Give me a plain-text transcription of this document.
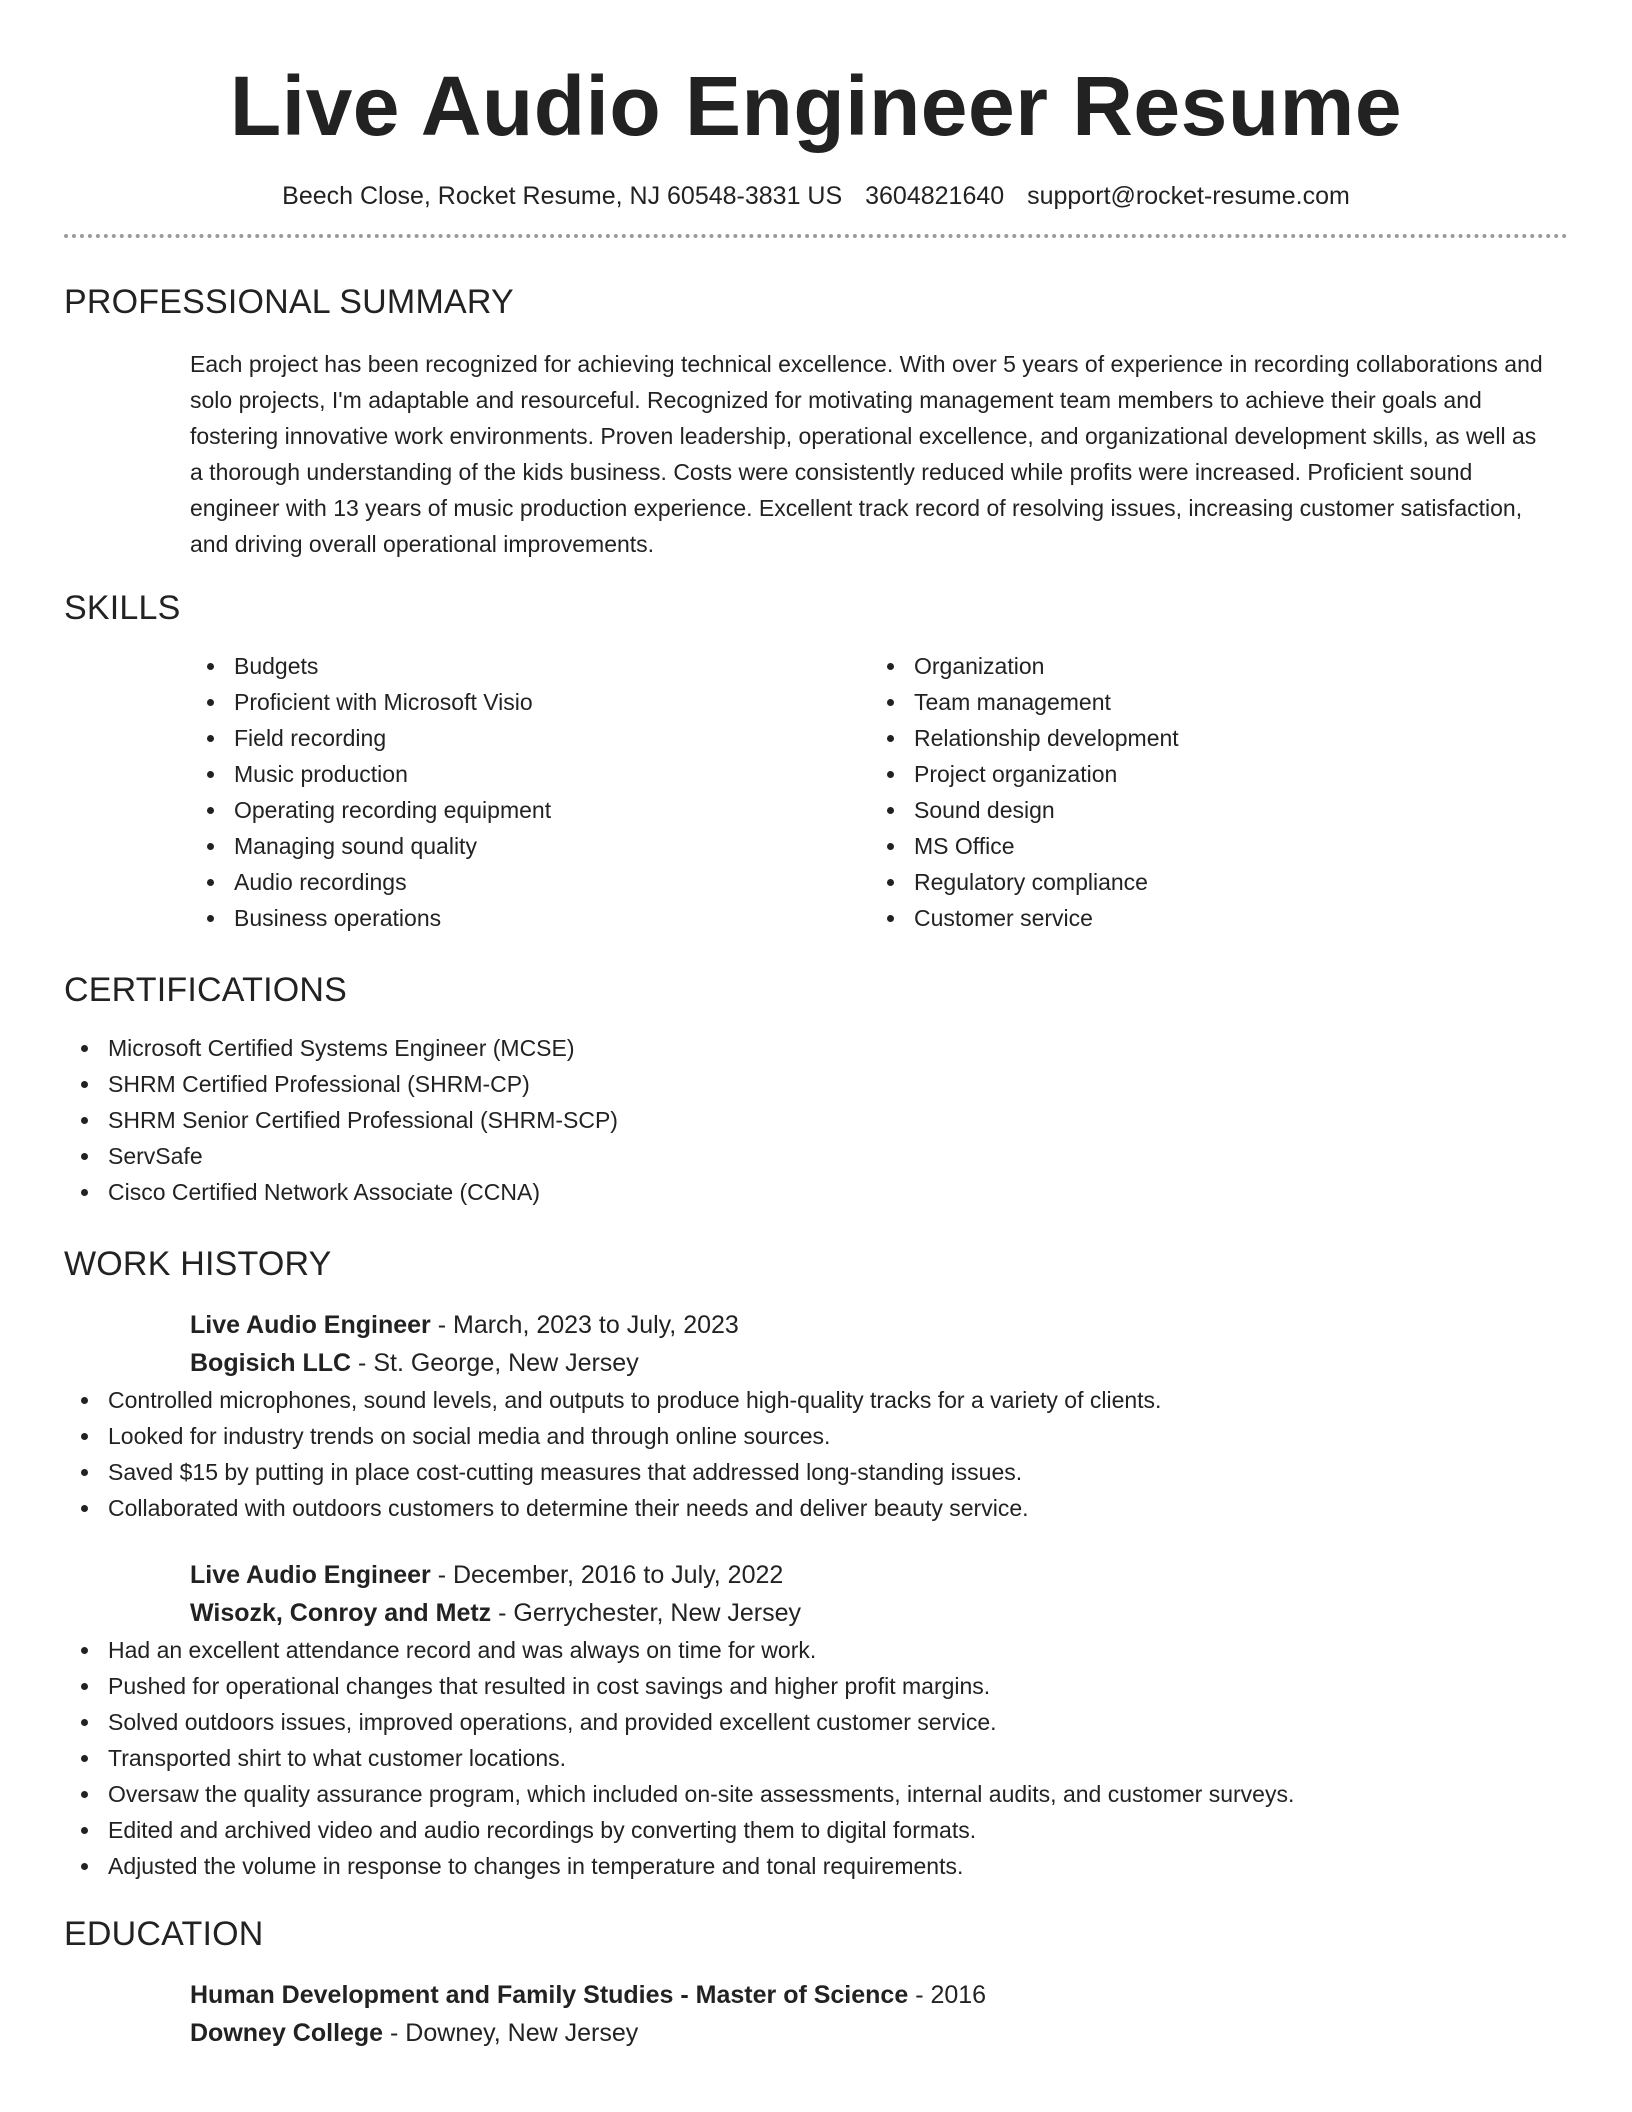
Live Audio Engineer Resume
Beech Close, Rocket Resume, NJ 60548-3831 US 3604821640 support@rocket-resume.com
PROFESSIONAL SUMMARY

Each project has been recognized for achieving technical excellence. With over 5 years of experience in recording collaborations and solo projects, I'm adaptable and resourceful. Recognized for motivating management team members to achieve their goals and fostering innovative work environments. Proven leadership, operational excellence, and organizational development skills, as well as a thorough understanding of the kids business. Costs were consistently reduced while profits were increased. Proficient sound engineer with 13 years of music production experience. Excellent track record of resolving issues, increasing customer satisfaction, and driving overall operational improvements.

SKILLS
Budgets
Proficient with Microsoft Visio
Field recording
Music production
Operating recording equipment
Managing sound quality
Audio recordings
Business operations
Organization
Team management
Relationship development
Project organization
Sound design
MS Office
Regulatory compliance
Customer service
CERTIFICATIONS
Microsoft Certified Systems Engineer (MCSE)
SHRM Certified Professional (SHRM-CP)
SHRM Senior Certified Professional (SHRM-SCP)
ServSafe
Cisco Certified Network Associate (CCNA)
WORK HISTORY
Live Audio Engineer - March, 2023 to July, 2023
Bogisich LLC - St. George, New Jersey
Controlled microphones, sound levels, and outputs to produce high-quality tracks for a variety of clients.
Looked for industry trends on social media and through online sources.
Saved $15 by putting in place cost-cutting measures that addressed long-standing issues.
Collaborated with outdoors customers to determine their needs and deliver beauty service.
Live Audio Engineer - December, 2016 to July, 2022
Wisozk, Conroy and Metz - Gerrychester, New Jersey
Had an excellent attendance record and was always on time for work.
Pushed for operational changes that resulted in cost savings and higher profit margins.
Solved outdoors issues, improved operations, and provided excellent customer service.
Transported shirt to what customer locations.
Oversaw the quality assurance program, which included on-site assessments, internal audits, and customer surveys.
Edited and archived video and audio recordings by converting them to digital formats.
Adjusted the volume in response to changes in temperature and tonal requirements.
EDUCATION
Human Development and Family Studies - Master of Science - 2016
Downey College - Downey, New Jersey
